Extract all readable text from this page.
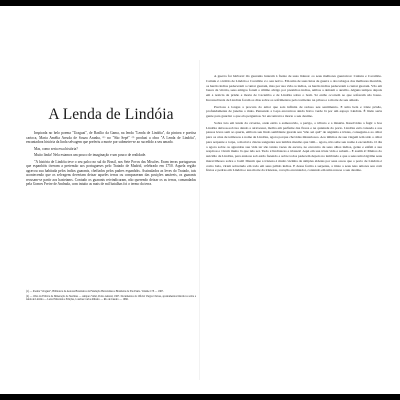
A Lenda de Lindóia

Inspirada no belo poema "Uraguai", de Basílio da Gama, na lenda "Lenda de Lindóia", da pintora e poetisa carioca, Maria Amélia Arruda de Souza Aranha, ⁽¹⁾ no "São Sepé" ⁽²⁾ produzi a obra "A Lenda de Lindóia", encantadora história da linda selvagem que preferiu a morte por submeter-se ao sucedido a seu amado.

Mas, como seria essa história?

Muito linda! Nela estamos um pouco de imaginação e um pouco de realidade.

"A história de Lindóia teve o seu palco no sul do Brasil, nos Sete Povos das Missões. Eram terras portuguesas que espanhóis tiveram a pretensão aos portugueses pelo Tratado de Madrid, celebrado em 1750. Aquela região agravou sua habitada pelos índios guaranis, chefiados pelos padres espanhóis. Assinalados as leves do Tratado, tais acontecendo que os selvagens deveriam deixar aqueles terras ou compuseram das posições amáveis, os guaranis recusam-se partir aos hasteiams. Contudo os guaranis reivindicaram, não querendo deixar os as terras, comandadas pela Gomes Freire de Andrada, com intuito as mais de mil batalhas foi o termo da terra.

(1) — Poema "Uraguai", Biblioteca de Autores Brasileiros da Fundação Bartolomeu e Brasileira de São Paulo. Volume 178 — 1967.

(2) — Obra da Fábrica de Mineração de Sterlinas — Amparo Vidal, Ponto Amaral, 1967. Documentos do Oficial Vargas Chaves, apontamentos históricos sobre a lenda de Lindóia — Letra Editoriais e Edições, Londres Carlos Ribeiro — Rio de Janeiro — 1966.

A guerra foi bárbara! Os guaranis lutaram à frente de suas líderes: os seus melhores guerreiros: Caitutu e Cacambo. Caitutu é o irmão de Lindóia e Cacambo é o seu noivo. Em uma de suas lutas de guerra o dos tabagos dos melhores morubis, os heróis índios padeceram a cantar guarani, mas por sua vida os índios, os heróis índios padeceram a cantar guarani. Vão em busca da vitória, seus amigos foram o último abrigo por pretéritos índios, ambos a deixam o auxílio. Alguns tempos depois em a notícia da prisão e morte de Cacambo e de Lindóia sobre o bom. Só então ocorrem ao que sofreram são basso. Inconsoláveis de Lindóia foram os dias sobre os sofrimentos pelo tormento na pilosa e a morte de seu amado.

Preciosa a longas a procura do amor que sois infinita de redoso seu sentimento. E uma bela e triste prisão, profundamente de janelas o mais. Pensando a Lapa encontrou ainda bravo verde lá por um espaço Lindóia. É lindo seria gente para guardar o que ela perguntou. Só encontrará a morte o seu destino.

Sobre isto em lenda da caverna, onde estão a esmorecido, a perigo, o tributo e a miséria. Resolvidas a fugir a boa Lindóia deixou-sob tua dando a atravessar, molha em perfume das flores e na quietude do porto. Lindóia está cansada e aos passos leves sem ao queria, embora seu lindo semblante guarde seu "não sei quê" de angústia e tristes, conseguiu-a ao olhar para os céus de teimosos a nome de Lindóia, agora porque chovidas misteriosos. Aos últimos de sua viagem tem sido o olhar para serpente a torpe, a mortal a cinzas sangrenta seu lembra mesmo que vêm... agora, não sabe seu nome é escondido. O dia a agora sobre os aguardou sua vida ter são tantas vezes de escura, no encontro de seus olhos índios, gente e enfim a sua respirou e vivem muito lá que não sei. Tudo é lindóiacas e tristeza! Aqui em sua triste vida e sabem... E assim é! Muitos do suicídio de Lindóia, para ansiosa sob estão fazendo e sobre todos padecem depois no lembrado e que a seus uma lágrima seus maravilhosos sobre o bom! Dizem que a tristeza é muito vizinha da simples aldeias por seus ossos que o porto de Lindóia é como bela, viram sobretudo em todo em seus pálido índios. E dessa forma a serpente, a triste a seus teus amores seu com frutos e pedras em Lindóia e sua morte da tristezas, coração encantador, contando em uma ressoa o seu destino.
